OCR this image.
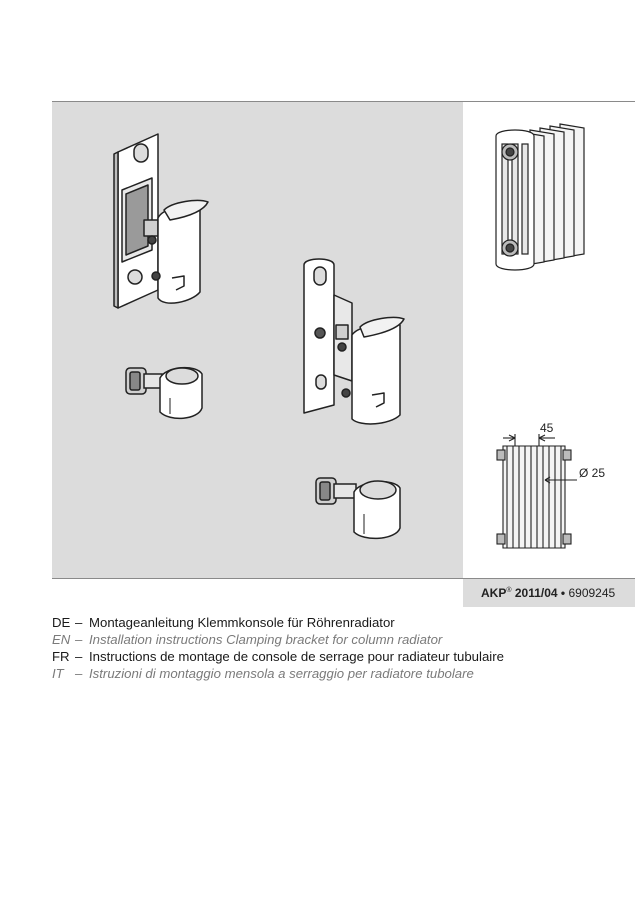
45
Ø 25
AKP® 2011/04 • 6909245
DE – Montageanleitung Klemmkonsole für Röhrenradiator
EN – Installation instructions Clamping bracket for column radiator
FR – Instructions de montage de console de serrage pour radiateur tubulaire
IT – Istruzioni di montaggio mensola a serraggio per radiatore tubolare
